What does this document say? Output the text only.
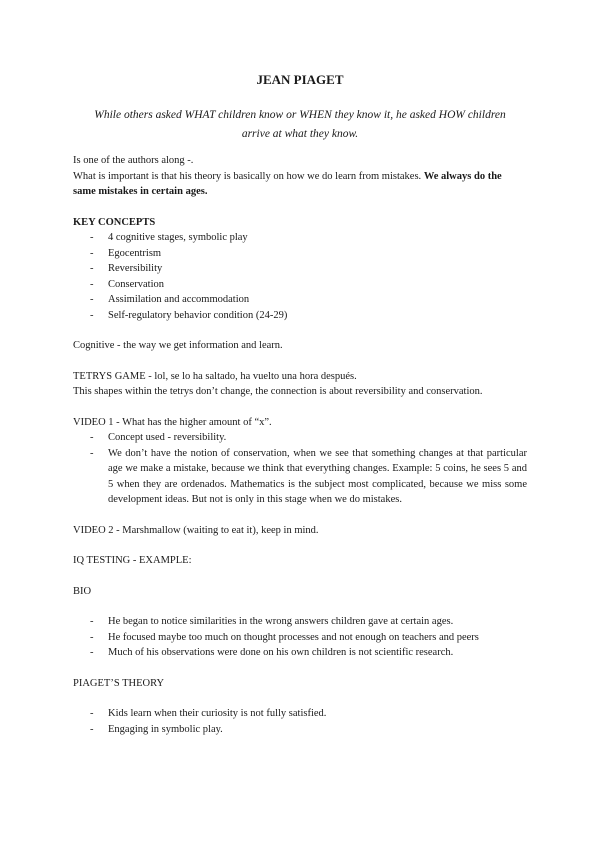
JEAN PIAGET
While others asked WHAT children know or WHEN they know it, he asked HOW children arrive at what they know.

Is one of the authors along -.

What is important is that his theory is basically on how we do learn from mistakes. We always do the same mistakes in certain ages.

KEY CONCEPTS

- 4 cognitive stages, symbolic play
- Egocentrism
- Reversibility
- Conservation
- Assimilation and accommodation
- Self-regulatory behavior condition (24-29)

Cognitive - the way we get information and learn.

TETRYS GAME - lol, se lo ha saltado, ha vuelto una hora después.

This shapes within the tetrys don’t change, the connection is about reversibility and conservation.

VIDEO 1 - What has the higher amount of “x”.

- Concept used - reversibility.
- We don’t have the notion of conservation, when we see that something changes at that particular age we make a mistake, because we think that everything changes. Example: 5 coins, he sees 5 and 5 when they are ordenados. Mathematics is the subject most complicated, because we miss some development ideas. But not is only in this stage when we do mistakes.

VIDEO 2 - Marshmallow (waiting to eat it), keep in mind.

IQ TESTING - EXAMPLE:

BIO

- He began to notice similarities in the wrong answers children gave at certain ages.
- He focused maybe too much on thought processes and not enough on teachers and peers
- Much of his observations were done on his own children is not scientific research.

PIAGET’S THEORY

- Kids learn when their curiosity is not fully satisfied.
- Engaging in symbolic play.
